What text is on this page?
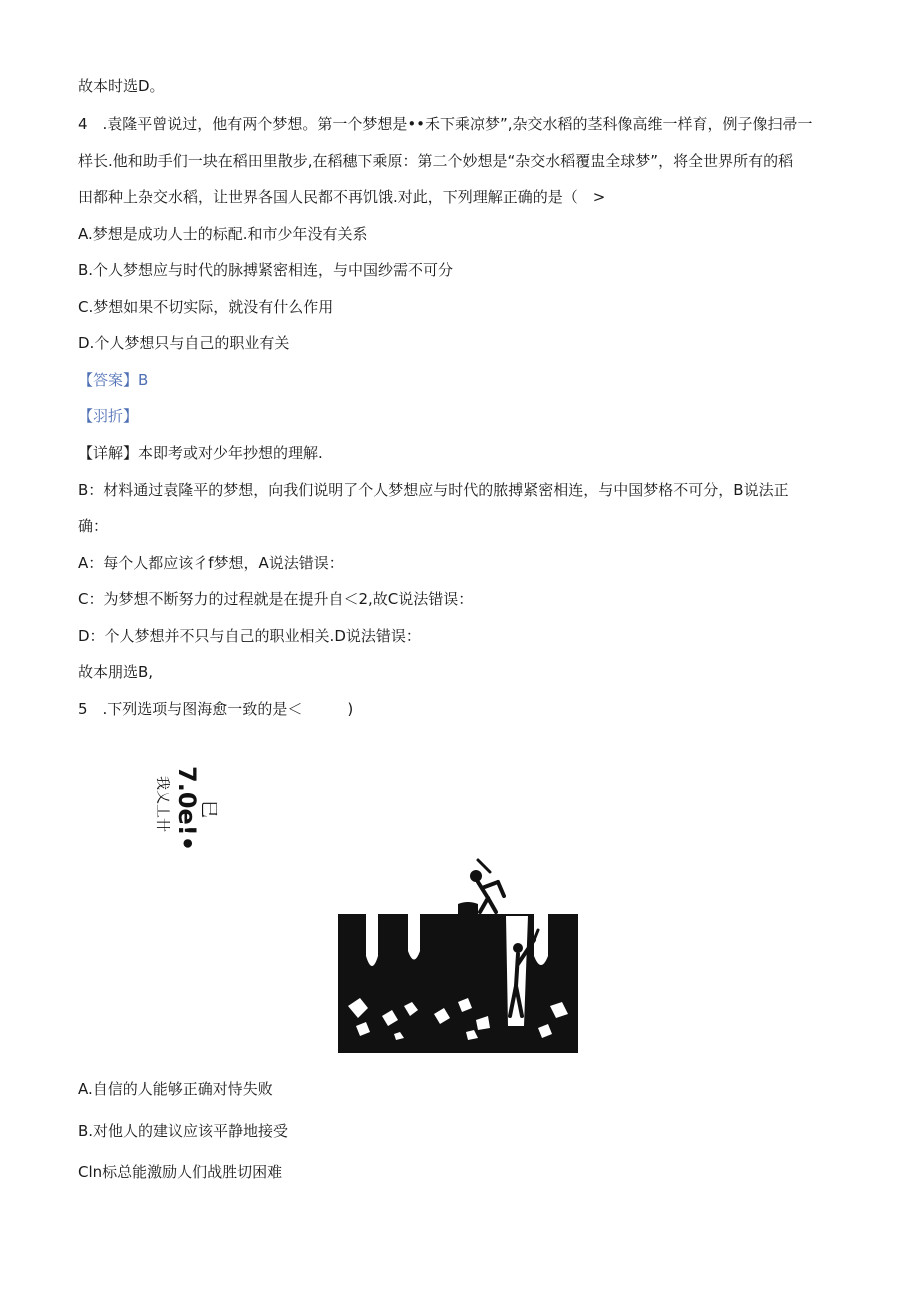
故本时选D。
4　.袁隆平曾说过，他有两个梦想。第一个梦想是••禾下乘凉梦”,杂交水稻的茎科像高维一样育，例子像扫帚一
样长.他和助手们一块在稻田里散步,在稻穗下乘原：第二个妙想是“杂交水稻覆盅全球梦”，将全世界所有的稻
田都种上杂交水稻，让世界各国人民都不再饥饿.对此，下列理解正确的是（　>
A.梦想是成功人士的标配.和市少年没有关系
B.个人梦想应与时代的脉搏紧密相连，与中国纱需不可分
C.梦想如果不切实际，就没有什么作用
D.个人梦想只与自己的职业有关
【答案】B
【羽折】
【详解】本即考或对少年抄想的理解.
B：材料通过袁隆平的梦想，向我们说明了个人梦想应与时代的脓搏紧密相连，与中国梦格不可分，B说法正
确：
A：每个人都应该彳f梦想，A说法错误：
C：为梦想不断努力的过程就是在提升自＜2,故C说法错误：
D：个人梦想并不只与自己的职业相关.D说法错误：
故本朋选B,
5　.下列选项与图海愈一致的是＜　　　)
7.0e!•
巳
我乂丄卄
A.自信的人能够正确对恃失败
B.对他人的建议应该平静地接受
Cln标总能激励人们战胜切困难
